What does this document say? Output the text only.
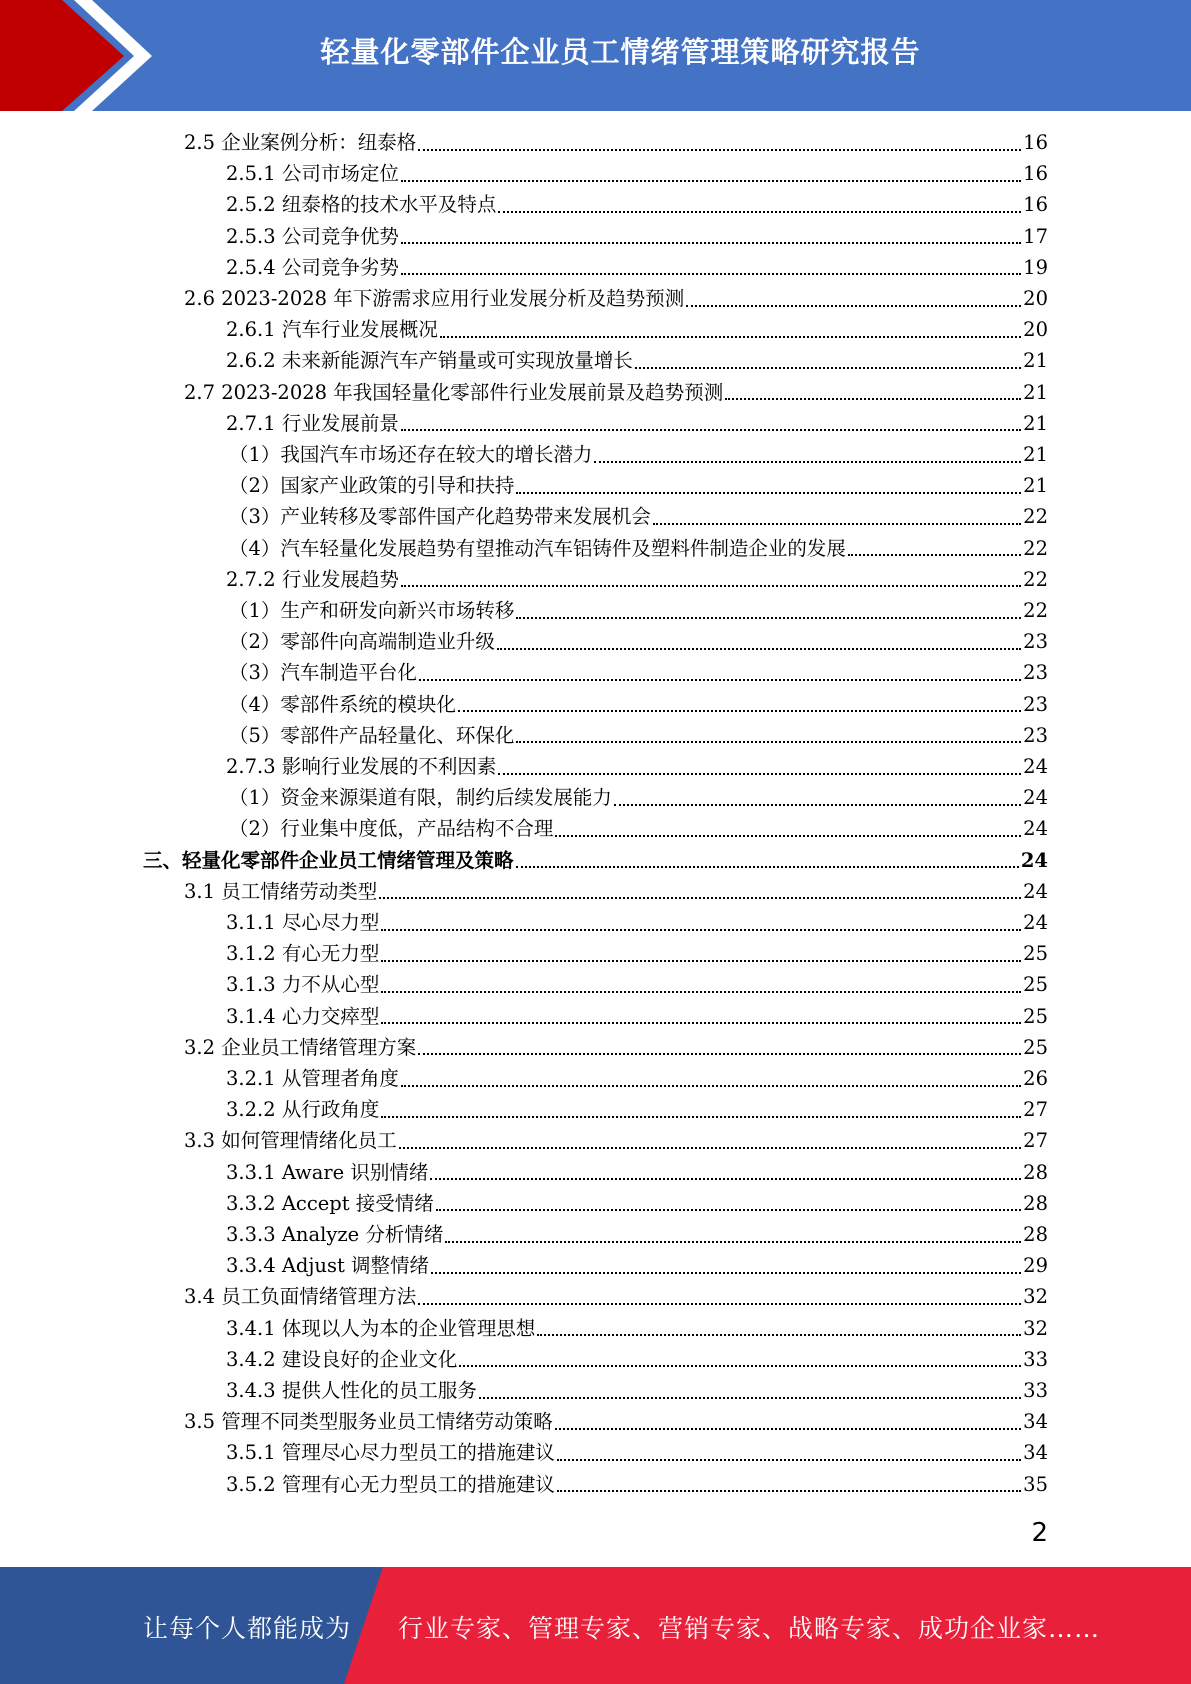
轻量化零部件企业员工情绪管理策略研究报告
2.5 企业案例分析：纽泰格	16
2.5.1 公司市场定位	16
2.5.2 纽泰格的技术水平及特点	16
2.5.3 公司竞争优势	17
2.5.4 公司竞争劣势	19
2.6 2023-2028 年下游需求应用行业发展分析及趋势预测	20
2.6.1 汽车行业发展概况	20
2.6.2 未来新能源汽车产销量或可实现放量增长	21
2.7 2023-2028 年我国轻量化零部件行业发展前景及趋势预测	21
2.7.1 行业发展前景	21
（1）我国汽车市场还存在较大的增长潜力	21
（2）国家产业政策的引导和扶持	21
（3）产业转移及零部件国产化趋势带来发展机会	22
（4）汽车轻量化发展趋势有望推动汽车铝铸件及塑料件制造企业的发展	22
2.7.2 行业发展趋势	22
（1）生产和研发向新兴市场转移	22
（2）零部件向高端制造业升级	23
（3）汽车制造平台化	23
（4）零部件系统的模块化	23
（5）零部件产品轻量化、环保化	23
2.7.3 影响行业发展的不利因素	24
（1）资金来源渠道有限，制约后续发展能力	24
（2）行业集中度低，产品结构不合理	24
三、轻量化零部件企业员工情绪管理及策略	24
3.1 员工情绪劳动类型	24
3.1.1 尽心尽力型	24
3.1.2 有心无力型	25
3.1.3 力不从心型	25
3.1.4 心力交瘁型	25
3.2 企业员工情绪管理方案	25
3.2.1 从管理者角度	26
3.2.2 从行政角度	27
3.3 如何管理情绪化员工	27
3.3.1 Aware 识别情绪	28
3.3.2 Accept 接受情绪	28
3.3.3 Analyze 分析情绪	28
3.3.4 Adjust 调整情绪	29
3.4 员工负面情绪管理方法	32
3.4.1 体现以人为本的企业管理思想	32
3.4.2 建设良好的企业文化	33
3.4.3 提供人性化的员工服务	33
3.5 管理不同类型服务业员工情绪劳动策略	34
3.5.1 管理尽心尽力型员工的措施建议	34
3.5.2 管理有心无力型员工的措施建议	35
2
让每个人都能成为 行业专家、管理专家、营销专家、战略专家、成功企业家……
